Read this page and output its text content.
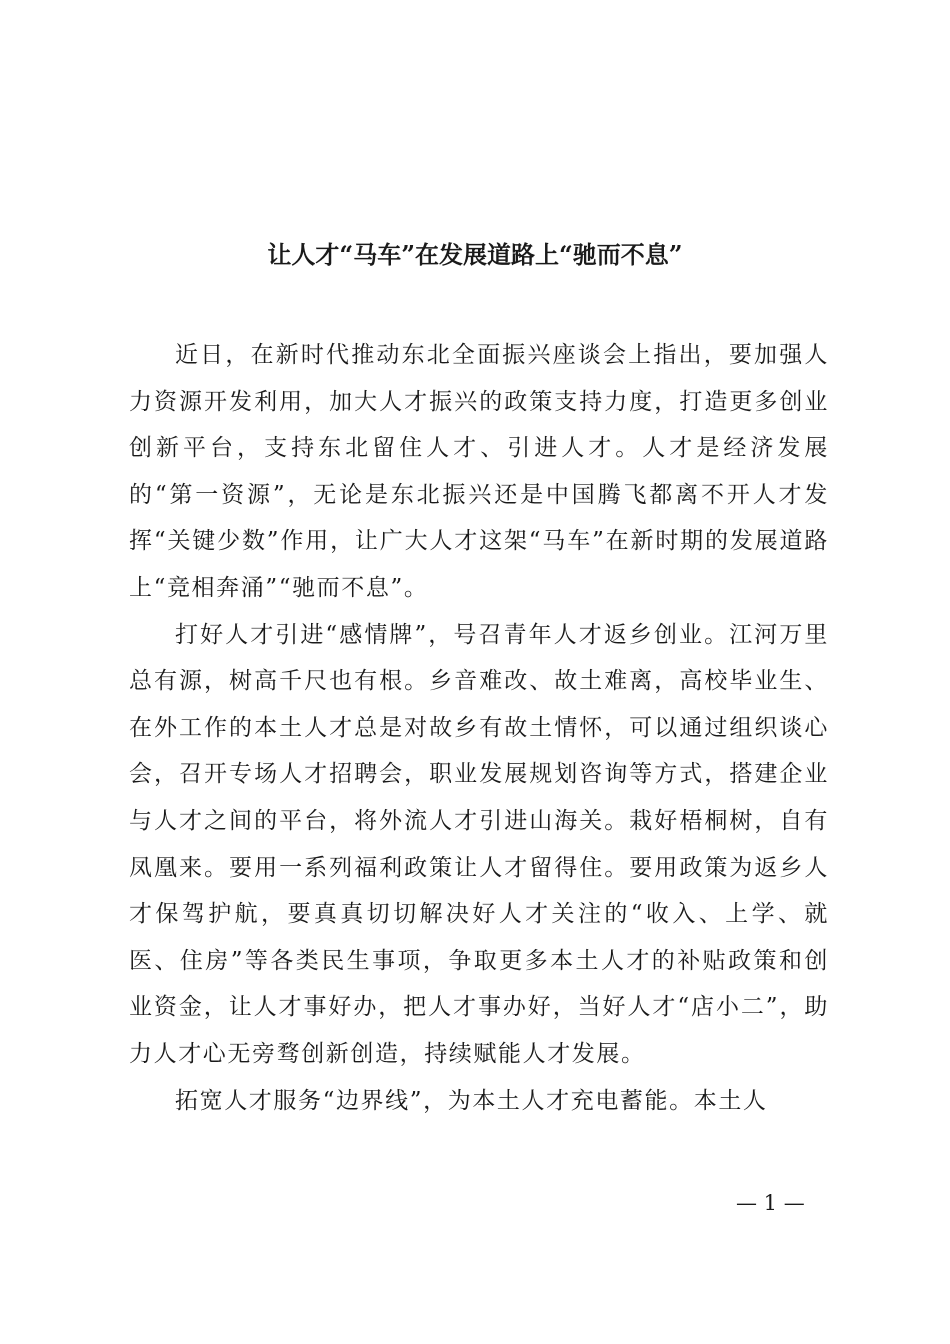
让人才“马车”在发展道路上“驰而不息”

近日，在新时代推动东北全面振兴座谈会上指出，要加强人力资源开发利用，加大人才振兴的政策支持力度，打造更多创业创新平台，支持东北留住人才、引进人才。人才是经济发展的“第一资源”，无论是东北振兴还是中国腾飞都离不开人才发挥“关键少数”作用，让广大人才这架“马车”在新时期的发展道路上“竞相奔涌”“驰而不息”。

打好人才引进“感情牌”，号召青年人才返乡创业。江河万里总有源，树高千尺也有根。乡音难改、故土难离，高校毕业生、在外工作的本土人才总是对故乡有故土情怀，可以通过组织谈心会，召开专场人才招聘会，职业发展规划咨询等方式，搭建企业与人才之间的平台，将外流人才引进山海关。栽好梧桐树，自有凤凰来。要用一系列福利政策让人才留得住。要用政策为返乡人才保驾护航，要真真切切解决好人才关注的“收入、上学、就医、住房”等各类民生事项，争取更多本土人才的补贴政策和创业资金，让人才事好办，把人才事办好，当好人才“店小二”，助力人才心无旁骛创新创造，持续赋能人才发展。

拓宽人才服务“边界线”，为本土人才充电蓄能。本土人

— 1 —
